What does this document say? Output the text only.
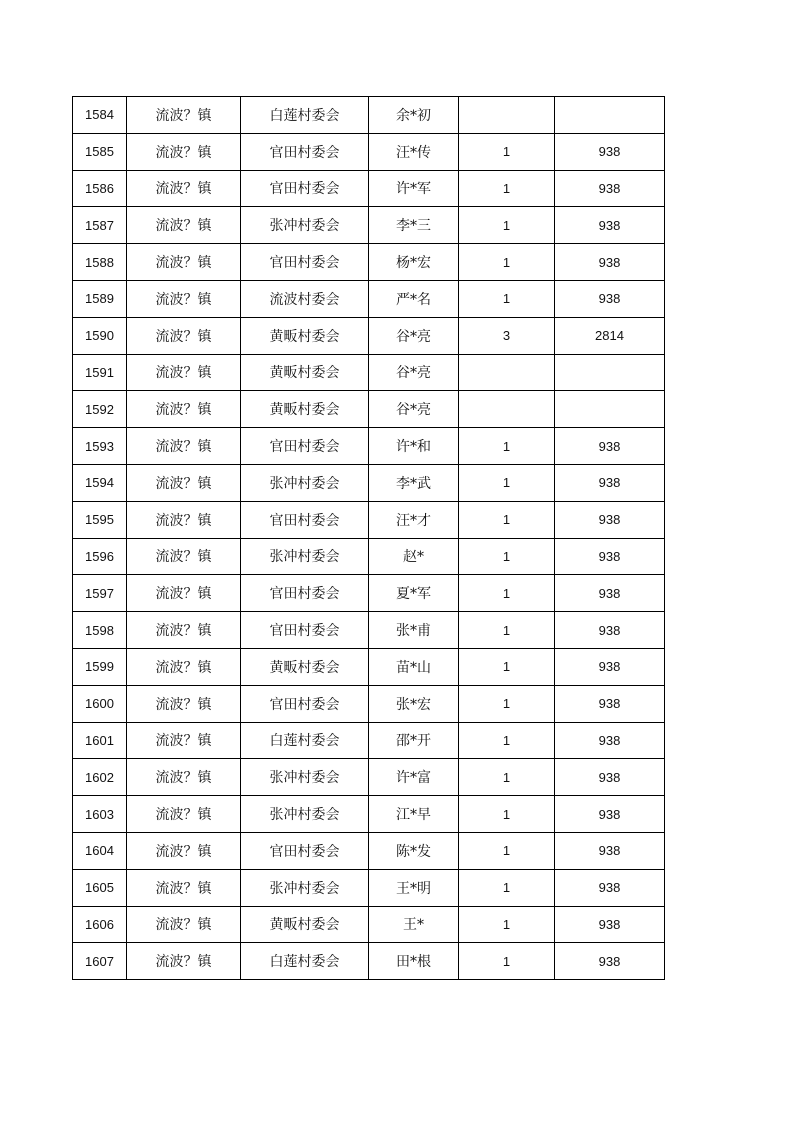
1584	流波？镇	白莲村委会	余*初		
1585	流波？镇	官田村委会	汪*传	1	938
1586	流波？镇	官田村委会	许*军	1	938
1587	流波？镇	张冲村委会	李*三	1	938
1588	流波？镇	官田村委会	杨*宏	1	938
1589	流波？镇	流波村委会	严*名	1	938
1590	流波？镇	黄畈村委会	谷*亮	3	2814
1591	流波？镇	黄畈村委会	谷*亮		
1592	流波？镇	黄畈村委会	谷*亮		
1593	流波？镇	官田村委会	许*和	1	938
1594	流波？镇	张冲村委会	李*武	1	938
1595	流波？镇	官田村委会	汪*才	1	938
1596	流波？镇	张冲村委会	赵*	1	938
1597	流波？镇	官田村委会	夏*军	1	938
1598	流波？镇	官田村委会	张*甫	1	938
1599	流波？镇	黄畈村委会	苗*山	1	938
1600	流波？镇	官田村委会	张*宏	1	938
1601	流波？镇	白莲村委会	邵*开	1	938
1602	流波？镇	张冲村委会	许*富	1	938
1603	流波？镇	张冲村委会	江*早	1	938
1604	流波？镇	官田村委会	陈*发	1	938
1605	流波？镇	张冲村委会	王*明	1	938
1606	流波？镇	黄畈村委会	王*	1	938
1607	流波？镇	白莲村委会	田*根	1	938
